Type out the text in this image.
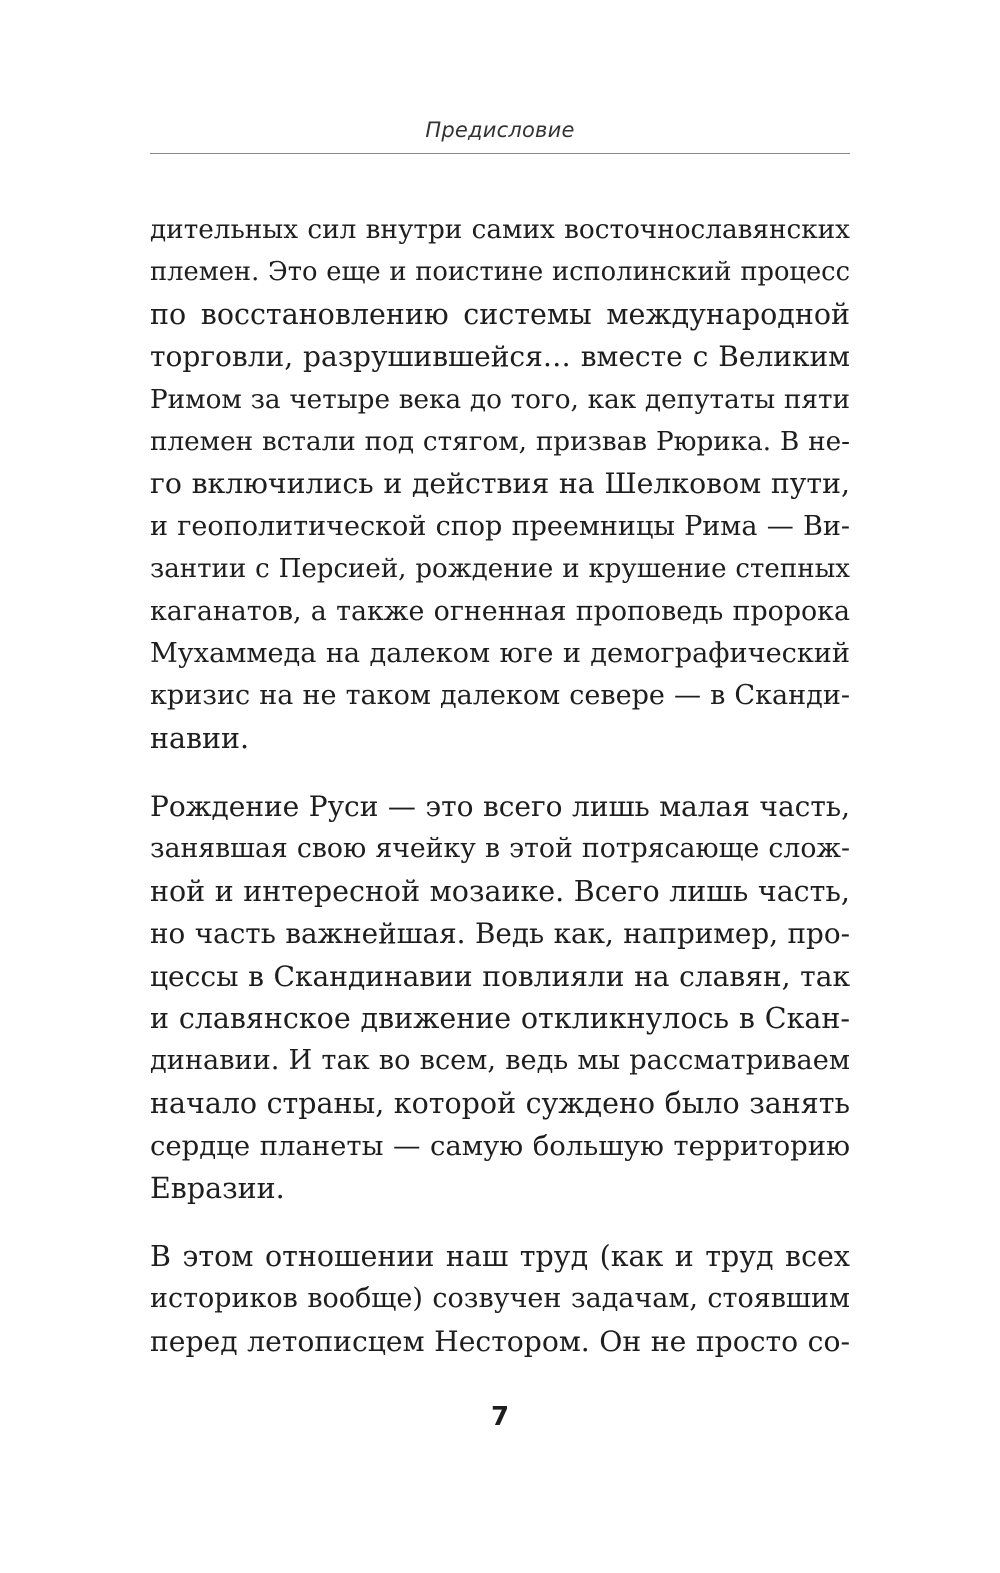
Предисловие
дительных сил внутри самих восточнославянских
племен. Это еще и поистине исполинский процесс
по восстановлению системы международной
торговли, разрушившейся… вместе с Великим
Римом за четыре века до того, как депутаты пяти
племен встали под стягом, призвав Рюрика. В не-
го включились и действия на Шелковом пути,
и геополитической спор преемницы Рима — Ви-
зантии с Персией, рождение и крушение степных
каганатов, а также огненная проповедь пророка
Мухаммеда на далеком юге и демографический
кризис на не таком далеком севере — в Сканди-
навии.
Рождение Руси — это всего лишь малая часть,
занявшая свою ячейку в этой потрясающе слож-
ной и интересной мозаике. Всего лишь часть,
но часть важнейшая. Ведь как, например, про-
цессы в Скандинавии повлияли на славян, так
и славянское движение откликнулось в Скан-
динавии. И так во всем, ведь мы рассматриваем
начало страны, которой суждено было занять
сердце планеты — самую большую территорию
Евразии.
В этом отношении наш труд (как и труд всех
историков вообще) созвучен задачам, стоявшим
перед летописцем Нестором. Он не просто со-
7
